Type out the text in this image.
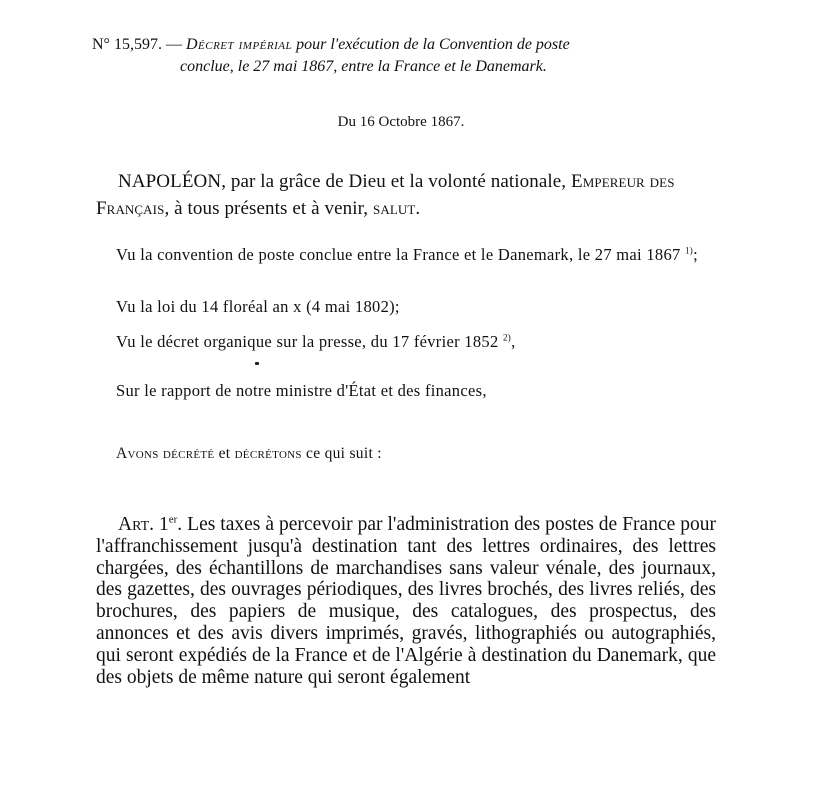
N° 15,597. — Décret impérial pour l'exécution de la Convention de poste
conclue, le 27 mai 1867, entre la France et le Danemark.
Du 16 Octobre 1867.
NAPOLÉON, par la grâce de Dieu et la volonté nationale, Empereur des Français, à tous présents et à venir, salut.
Vu la convention de poste conclue entre la France et le Danemark, le 27 mai 1867 $^{1)}$;
Vu la loi du 14 floréal an x (4 mai 1802);
Vu le décret organique sur la presse, du 17 février 1852 $^{2)}$,
Sur le rapport de notre ministre d'État et des finances,
Avons décrété et décrétons ce qui suit :
Art. 1er. Les taxes à percevoir par l'administration des postes de France pour l'affranchissement jusqu'à destination tant des lettres ordinaires, des lettres chargées, des échantillons de marchandises sans valeur vénale, des journaux, des gazettes, des ouvrages périodiques, des livres brochés, des livres reliés, des brochures, des papiers de musique, des catalogues, des prospectus, des annonces et des avis divers imprimés, gravés, lithographiés ou autographiés, qui seront expédiés de la France et de l'Algérie à destination du Danemark, que des objets de même nature qui seront également
